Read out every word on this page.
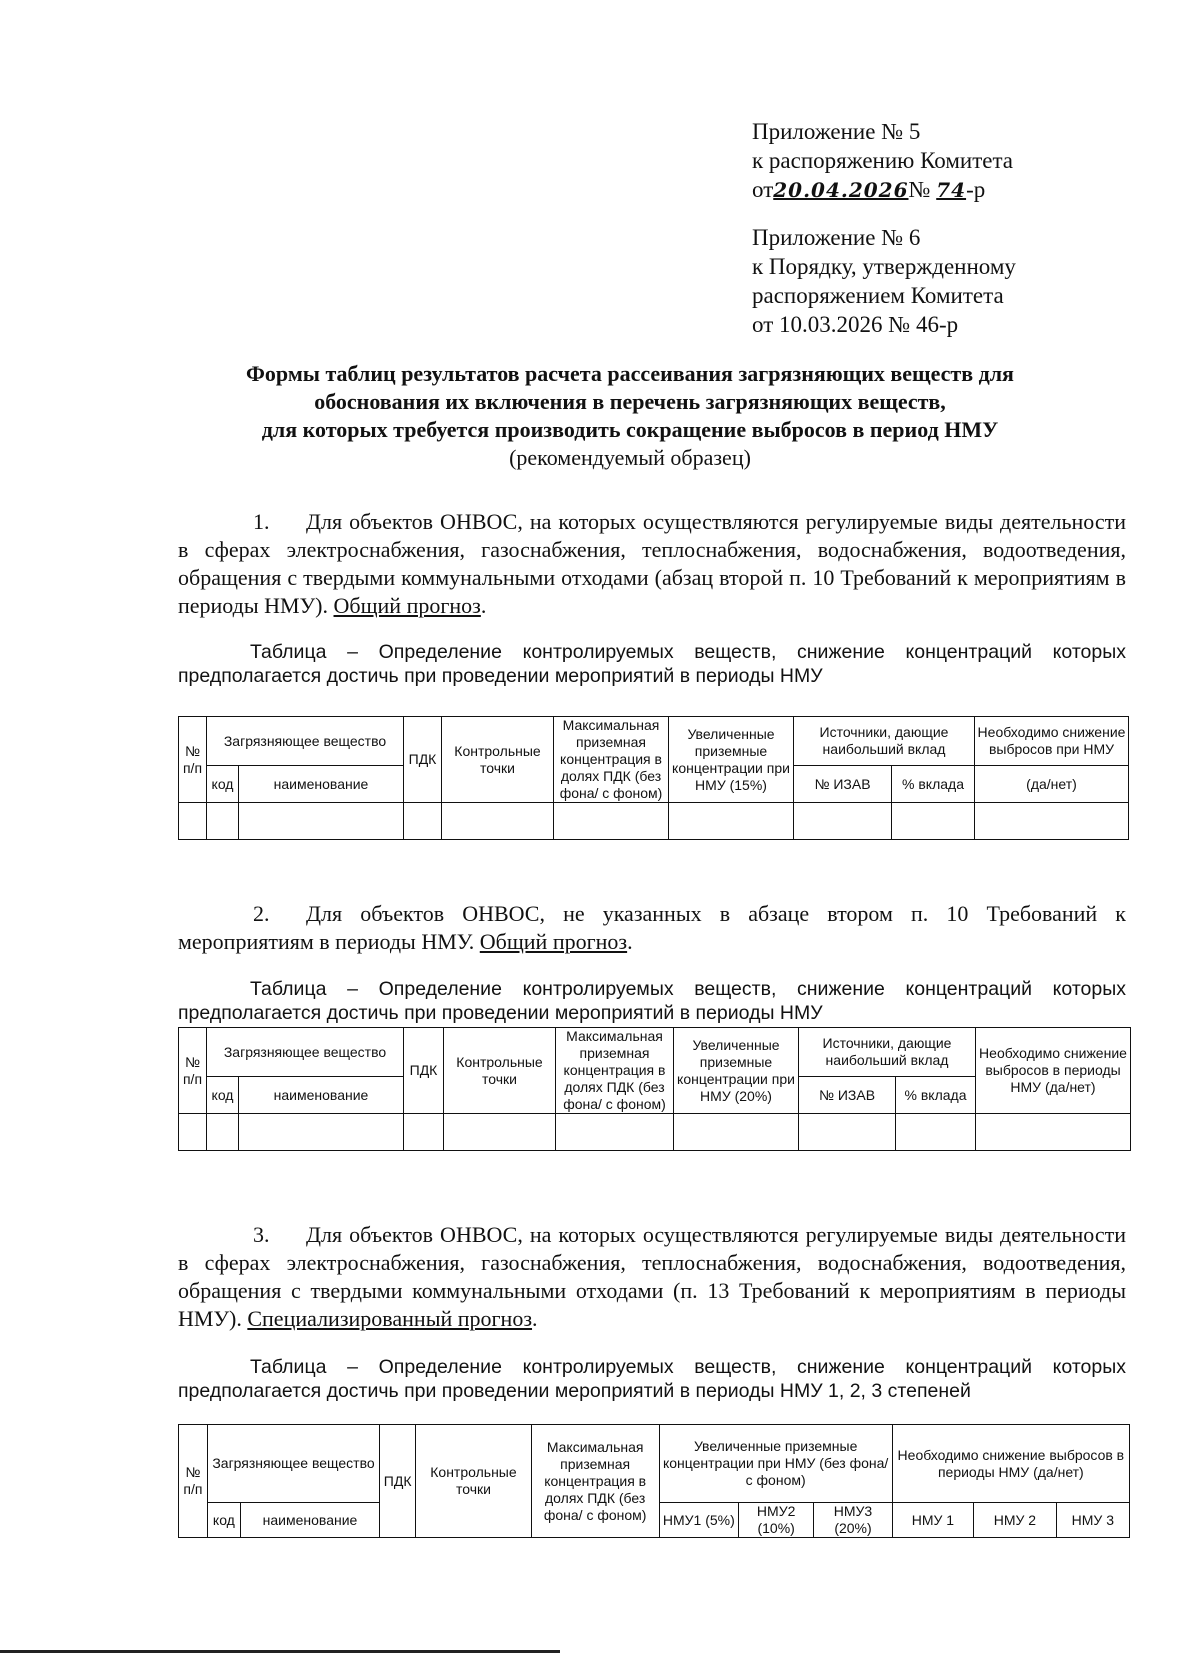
Приложение № 5
к распоряжению Комитета
от20.04.2026№ 74-р
Приложение № 6
к Порядку, утвержденному
распоряжением Комитета
от 10.03.2026 № 46-р
Формы таблиц результатов расчета рассеивания загрязняющих веществ для
обоснования их включения в перечень загрязняющих веществ,
для которых требуется производить сокращение выбросов в период НМУ
(рекомендуемый образец)
1. Для объектов ОНВОС, на которых осуществляются регулируемые виды деятельности в сферах электроснабжения, газоснабжения, теплоснабжения, водоснабжения, водоотведения, обращения с твердыми коммунальными отходами (абзац второй п. 10 Требований к мероприятиям в периоды НМУ). Общий прогноз.
Таблица – Определение контролируемых веществ, снижение концентраций которых предполагается достичь при проведении мероприятий в периоды НМУ
№ п/п	Загрязняющее вещество		ПДК	Контрольные точки	Максимальная приземная концентрация в долях ПДК (без фона/ с фоном)	Увеличенные приземные концентрации при НМУ (15%)	Источники, дающие наибольший вклад		Необходимо снижение выбросов при НМУ
	код	наименование					№ ИЗАВ	% вклада	(да/нет)

2. Для объектов ОНВОС, не указанных в абзаце втором п. 10 Требований к мероприятиям в периоды НМУ. Общий прогноз.
Таблица – Определение контролируемых веществ, снижение концентраций которых предполагается достичь при проведении мероприятий в периоды НМУ
№ п/п	Загрязняющее вещество		ПДК	Контрольные точки	Максимальная приземная концентрация в долях ПДК (без фона/ с фоном)	Увеличенные приземные концентрации при НМУ (20%)	Источники, дающие наибольший вклад		Необходимо снижение выбросов в периоды НМУ (да/нет)
	код	наименование					№ ИЗАВ	% вклада	

3. Для объектов ОНВОС, на которых осуществляются регулируемые виды деятельности в сферах электроснабжения, газоснабжения, теплоснабжения, водоснабжения, водоотведения, обращения с твердыми коммунальными отходами (п. 13 Требований к мероприятиям в периоды НМУ). Специализированный прогноз.
Таблица – Определение контролируемых веществ, снижение концентраций которых предполагается достичь при проведении мероприятий в периоды НМУ 1, 2, 3 степеней
№ п/п	Загрязняющее вещество		ПДК	Контрольные точки	Максимальная приземная концентрация в долях ПДК (без фона/ с фоном)	Увеличенные приземные концентрации при НМУ (без фона/с фоном)			Необходимо снижение выбросов в периоды НМУ (да/нет)		
	код	наименование				НМУ1 (5%)	НМУ2 (10%)	НМУ3 (20%)	НМУ 1	НМУ 2	НМУ 3
